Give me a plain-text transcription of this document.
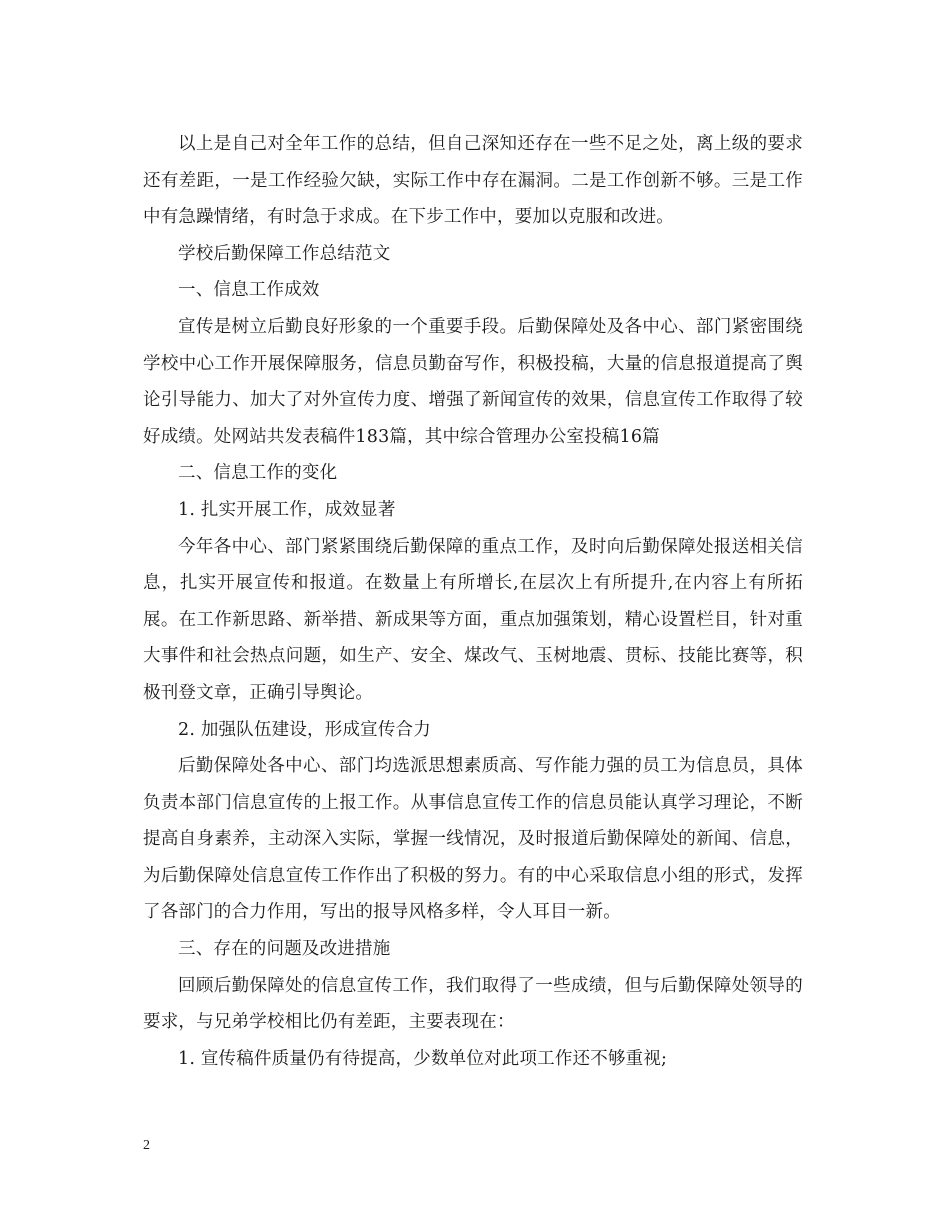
以上是自己对全年工作的总结，但自己深知还存在一些不足之处，离上级的要求还有差距，一是工作经验欠缺，实际工作中存在漏洞。二是工作创新不够。三是工作中有急躁情绪，有时急于求成。在下步工作中，要加以克服和改进。

学校后勤保障工作总结范文

一、信息工作成效

宣传是树立后勤良好形象的一个重要手段。后勤保障处及各中心、部门紧密围绕学校中心工作开展保障服务，信息员勤奋写作，积极投稿，大量的信息报道提高了舆论引导能力、加大了对外宣传力度、增强了新闻宣传的效果，信息宣传工作取得了较好成绩。处网站共发表稿件183篇，其中综合管理办公室投稿16篇

二、信息工作的变化

1. 扎实开展工作，成效显著

今年各中心、部门紧紧围绕后勤保障的重点工作，及时向后勤保障处报送相关信息，扎实开展宣传和报道。在数量上有所增长,在层次上有所提升,在内容上有所拓展。在工作新思路、新举措、新成果等方面，重点加强策划，精心设置栏目，针对重大事件和社会热点问题，如生产、安全、煤改气、玉树地震、贯标、技能比赛等，积极刊登文章，正确引导舆论。

2. 加强队伍建设，形成宣传合力

后勤保障处各中心、部门均选派思想素质高、写作能力强的员工为信息员，具体负责本部门信息宣传的上报工作。从事信息宣传工作的信息员能认真学习理论，不断提高自身素养，主动深入实际，掌握一线情况，及时报道后勤保障处的新闻、信息，为后勤保障处信息宣传工作作出了积极的努力。有的中心采取信息小组的形式，发挥了各部门的合力作用，写出的报导风格多样，令人耳目一新。

三、存在的问题及改进措施

回顾后勤保障处的信息宣传工作，我们取得了一些成绩，但与后勤保障处领导的要求，与兄弟学校相比仍有差距，主要表现在：

1. 宣传稿件质量仍有待提高，少数单位对此项工作还不够重视;

2
